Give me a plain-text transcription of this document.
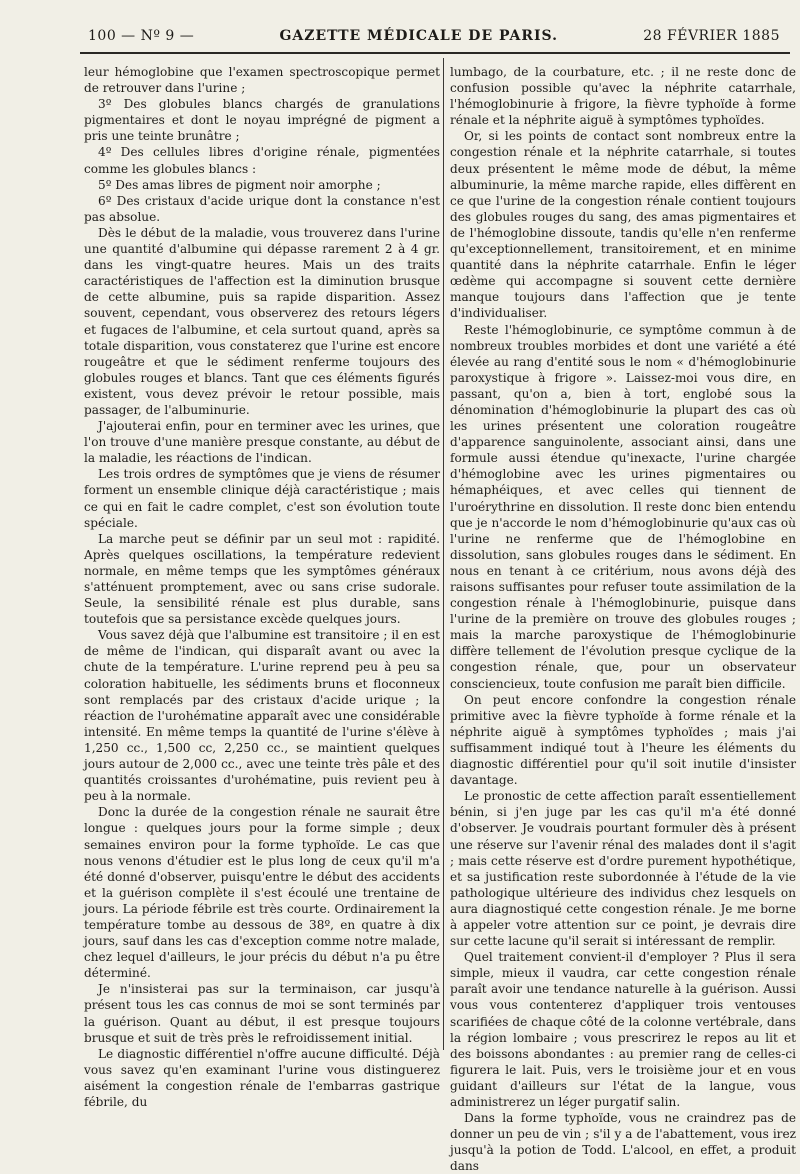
100 — Nº 9 —	GAZETTE MÉDICALE DE PARIS.	28 FÉVRIER 1885

leur hémoglobine que l'examen spectroscopique permet de retrouver dans l'urine ;

3º Des globules blancs chargés de granulations pigmentaires et dont le noyau imprégné de pigment a pris une teinte brunâtre ;

4º Des cellules libres d'origine rénale, pigmentées comme les globules blancs :

5º Des amas libres de pigment noir amorphe ;

6º Des cristaux d'acide urique dont la constance n'est pas absolue.

Dès le début de la maladie, vous trouverez dans l'urine une quantité d'albumine qui dépasse rarement 2 à 4 gr. dans les vingt-quatre heures. Mais un des traits caractéristiques de l'affection est la diminution brusque de cette albumine, puis sa rapide disparition. Assez souvent, cependant, vous observerez des retours légers et fugaces de l'albumine, et cela surtout quand, après sa totale disparition, vous constaterez que l'urine est encore rougeâtre et que le sédiment renferme toujours des globules rouges et blancs. Tant que ces éléments figurés existent, vous devez prévoir le retour possible, mais passager, de l'albuminurie.

J'ajouterai enfin, pour en terminer avec les urines, que l'on trouve d'une manière presque constante, au début de la maladie, les réactions de l'indican.

Les trois ordres de symptômes que je viens de résumer forment un ensemble clinique déjà caractéristique ; mais ce qui en fait le cadre complet, c'est son évolution toute spéciale.

La marche peut se définir par un seul mot : rapidité. Après quelques oscillations, la température redevient normale, en même temps que les symptômes généraux s'atténuent promptement, avec ou sans crise sudorale. Seule, la sensibilité rénale est plus durable, sans toutefois que sa persistance excède quelques jours.

Vous savez déjà que l'albumine est transitoire ; il en est de même de l'indican, qui disparaît avant ou avec la chute de la température. L'urine reprend peu à peu sa coloration habituelle, les sédiments bruns et floconneux sont remplacés par des cristaux d'acide urique ; la réaction de l'urohématine apparaît avec une considérable intensité. En même temps la quantité de l'urine s'élève à 1,250 cc., 1,500 cc, 2,250 cc., se maintient quelques jours autour de 2,000 cc., avec une teinte très pâle et des quantités croissantes d'urohématine, puis revient peu à peu à la normale.

Donc la durée de la congestion rénale ne saurait être longue : quelques jours pour la forme simple ; deux semaines environ pour la forme typhoïde. Le cas que nous venons d'étudier est le plus long de ceux qu'il m'a été donné d'observer, puisqu'entre le début des accidents et la guérison complète il s'est écoulé une trentaine de jours. La période fébrile est très courte. Ordinairement la température tombe au dessous de 38º, en quatre à dix jours, sauf dans les cas d'exception comme notre malade, chez lequel d'ailleurs, le jour précis du début n'a pu être déterminé.

Je n'insisterai pas sur la terminaison, car jusqu'à présent tous les cas connus de moi se sont terminés par la guérison. Quant au début, il est presque toujours brusque et suit de très près le refroidissement initial.

Le diagnostic différentiel n'offre aucune difficulté. Déjà vous savez qu'en examinant l'urine vous distinguerez aisément la congestion rénale de l'embarras gastrique fébrile, du

lumbago, de la courbature, etc. ; il ne reste donc de confusion possible qu'avec la néphrite catarrhale, l'hémoglobinurie à frigore, la fièvre typhoïde à forme rénale et la néphrite aiguë à symptômes typhoïdes.

Or, si les points de contact sont nombreux entre la congestion rénale et la néphrite catarrhale, si toutes deux présentent le même mode de début, la même albuminurie, la même marche rapide, elles diffèrent en ce que l'urine de la congestion rénale contient toujours des globules rouges du sang, des amas pigmentaires et de l'hémoglobine dissoute, tandis qu'elle n'en renferme qu'exceptionnellement, transitoirement, et en minime quantité dans la néphrite catarrhale. Enfin le léger œdème qui accompagne si souvent cette dernière manque toujours dans l'affection que je tente d'individualiser.

Reste l'hémoglobinurie, ce symptôme commun à de nombreux troubles morbides et dont une variété a été élevée au rang d'entité sous le nom « d'hémoglobinurie paroxystique à frigore ». Laissez-moi vous dire, en passant, qu'on a, bien à tort, englobé sous la dénomination d'hémoglobinurie la plupart des cas où les urines présentent une coloration rougeâtre d'apparence sanguinolente, associant ainsi, dans une formule aussi étendue qu'inexacte, l'urine chargée d'hémoglobine avec les urines pigmentaires ou hémaphéiques, et avec celles qui tiennent de l'uroérythrine en dissolution. Il reste donc bien entendu que je n'accorde le nom d'hémoglobinurie qu'aux cas où l'urine ne renferme que de l'hémoglobine en dissolution, sans globules rouges dans le sédiment. En nous en tenant à ce critérium, nous avons déjà des raisons suffisantes pour refuser toute assimilation de la congestion rénale à l'hémoglobinurie, puisque dans l'urine de la première on trouve des globules rouges ; mais la marche paroxystique de l'hémoglobinurie diffère tellement de l'évolution presque cyclique de la congestion rénale, que, pour un observateur consciencieux, toute confusion me paraît bien difficile.

On peut encore confondre la congestion rénale primitive avec la fièvre typhoïde à forme rénale et la néphrite aiguë à symptômes typhoïdes ; mais j'ai suffisamment indiqué tout à l'heure les éléments du diagnostic différentiel pour qu'il soit inutile d'insister davantage.

Le pronostic de cette affection paraît essentiellement bénin, si j'en juge par les cas qu'il m'a été donné d'observer. Je voudrais pourtant formuler dès à présent une réserve sur l'avenir rénal des malades dont il s'agit ; mais cette réserve est d'ordre purement hypothétique, et sa justification reste subordonnée à l'étude de la vie pathologique ultérieure des individus chez lesquels on aura diagnostiqué cette congestion rénale. Je me borne à appeler votre attention sur ce point, je devrais dire sur cette lacune qu'il serait si intéressant de remplir.

Quel traitement convient-il d'employer ? Plus il sera simple, mieux il vaudra, car cette congestion rénale paraît avoir une tendance naturelle à la guérison. Aussi vous vous contenterez d'appliquer trois ventouses scarifiées de chaque côté de la colonne vertébrale, dans la région lombaire ; vous prescrirez le repos au lit et des boissons abondantes : au premier rang de celles-ci figurera le lait. Puis, vers le troisième jour et en vous guidant d'ailleurs sur l'état de la langue, vous administrerez un léger purgatif salin.

Dans la forme typhoïde, vous ne craindrez pas de donner un peu de vin ; s'il y a de l'abattement, vous irez jusqu'à la potion de Todd. L'alcool, en effet, a produit dans
